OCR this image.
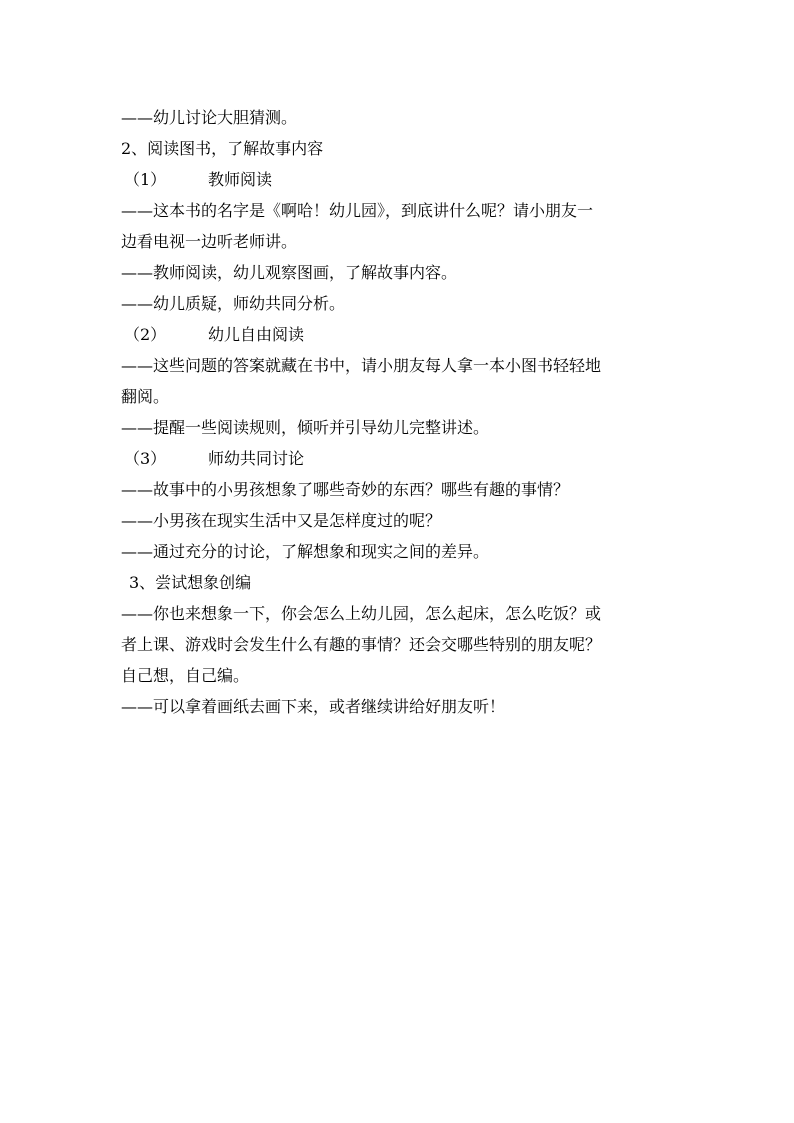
——幼儿讨论大胆猜测。
2、阅读图书，了解故事内容
（1）	教师阅读
——这本书的名字是《啊哈！幼儿园》，到底讲什么呢？请小朋友一
边看电视一边听老师讲。
——教师阅读，幼儿观察图画，了解故事内容。
——幼儿质疑，师幼共同分析。
（2）	幼儿自由阅读
——这些问题的答案就藏在书中，请小朋友每人拿一本小图书轻轻地
翻阅。
——提醒一些阅读规则，倾听并引导幼儿完整讲述。
（3）	师幼共同讨论
——故事中的小男孩想象了哪些奇妙的东西？哪些有趣的事情？
——小男孩在现实生活中又是怎样度过的呢？
——通过充分的讨论，了解想象和现实之间的差异。
3、尝试想象创编
——你也来想象一下，你会怎么上幼儿园，怎么起床，怎么吃饭？或
者上课、游戏时会发生什么有趣的事情？还会交哪些特别的朋友呢？
自己想，自己编。
——可以拿着画纸去画下来，或者继续讲给好朋友听！
